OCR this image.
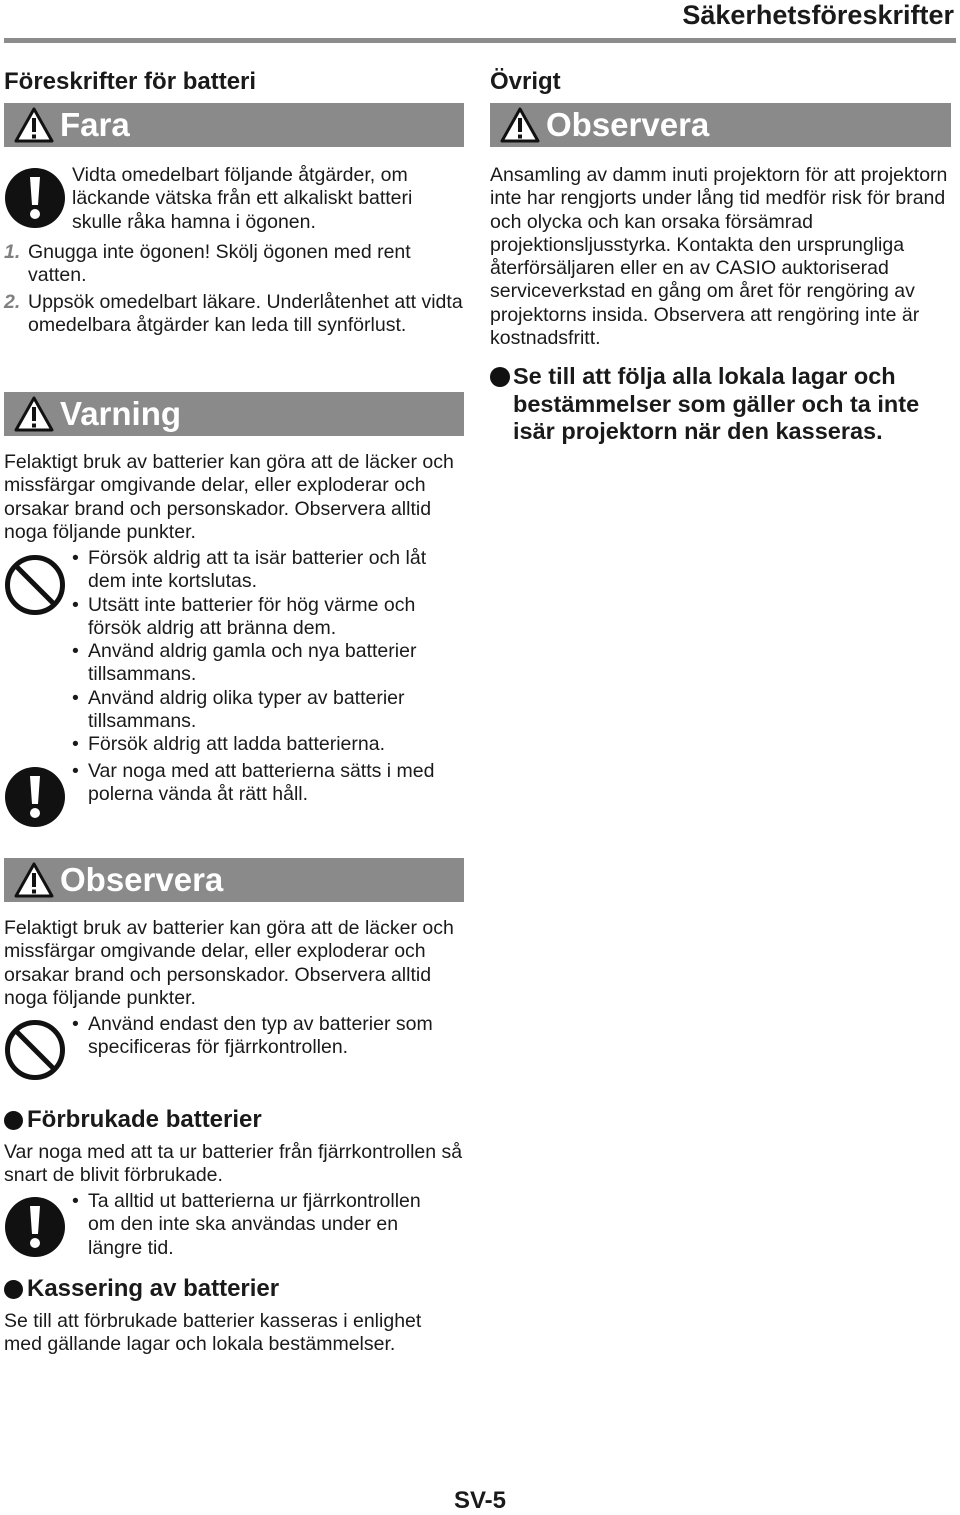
Säkerhetsföreskrifter
Föreskrifter för batteri
Fara
Vidta omedelbart följande åtgärder, om läckande vätska från ett alkaliskt batteri skulle råka hamna i ögonen.
1. Gnugga inte ögonen! Skölj ögonen med rent vatten.
2. Uppsök omedelbart läkare. Underlåtenhet att vidta omedelbara åtgärder kan leda till synförlust.
Varning
Felaktigt bruk av batterier kan göra att de läcker och missfärgar omgivande delar, eller exploderar och orsakar brand och personskador. Observera alltid noga följande punkter.
• Försök aldrig att ta isär batterier och låt dem inte kortslutas.
• Utsätt inte batterier för hög värme och försök aldrig att bränna dem.
• Använd aldrig gamla och nya batterier tillsammans.
• Använd aldrig olika typer av batterier tillsammans.
• Försök aldrig att ladda batterierna.
• Var noga med att batterierna sätts i med polerna vända åt rätt håll.
Observera
Felaktigt bruk av batterier kan göra att de läcker och missfärgar omgivande delar, eller exploderar och orsakar brand och personskador. Observera alltid noga följande punkter.
• Använd endast den typ av batterier som specificeras för fjärrkontrollen.
Förbrukade batterier
Var noga med att ta ur batterier från fjärrkontrollen så snart de blivit förbrukade.
• Ta alltid ut batterierna ur fjärrkontrollen om den inte ska användas under en längre tid.
Kassering av batterier
Se till att förbrukade batterier kasseras i enlighet med gällande lagar och lokala bestämmelser.
Övrigt
Observera
Ansamling av damm inuti projektorn för att projektorn inte har rengjorts under lång tid medför risk för brand och olycka och kan orsaka försämrad projektionsljusstyrka. Kontakta den ursprungliga återförsäljaren eller en av CASIO auktoriserad serviceverkstad en gång om året för rengöring av projektorns insida. Observera att rengöring inte är kostnadsfritt.
Se till att följa alla lokala lagar och bestämmelser som gäller och ta inte isär projektorn när den kasseras.
SV-5
